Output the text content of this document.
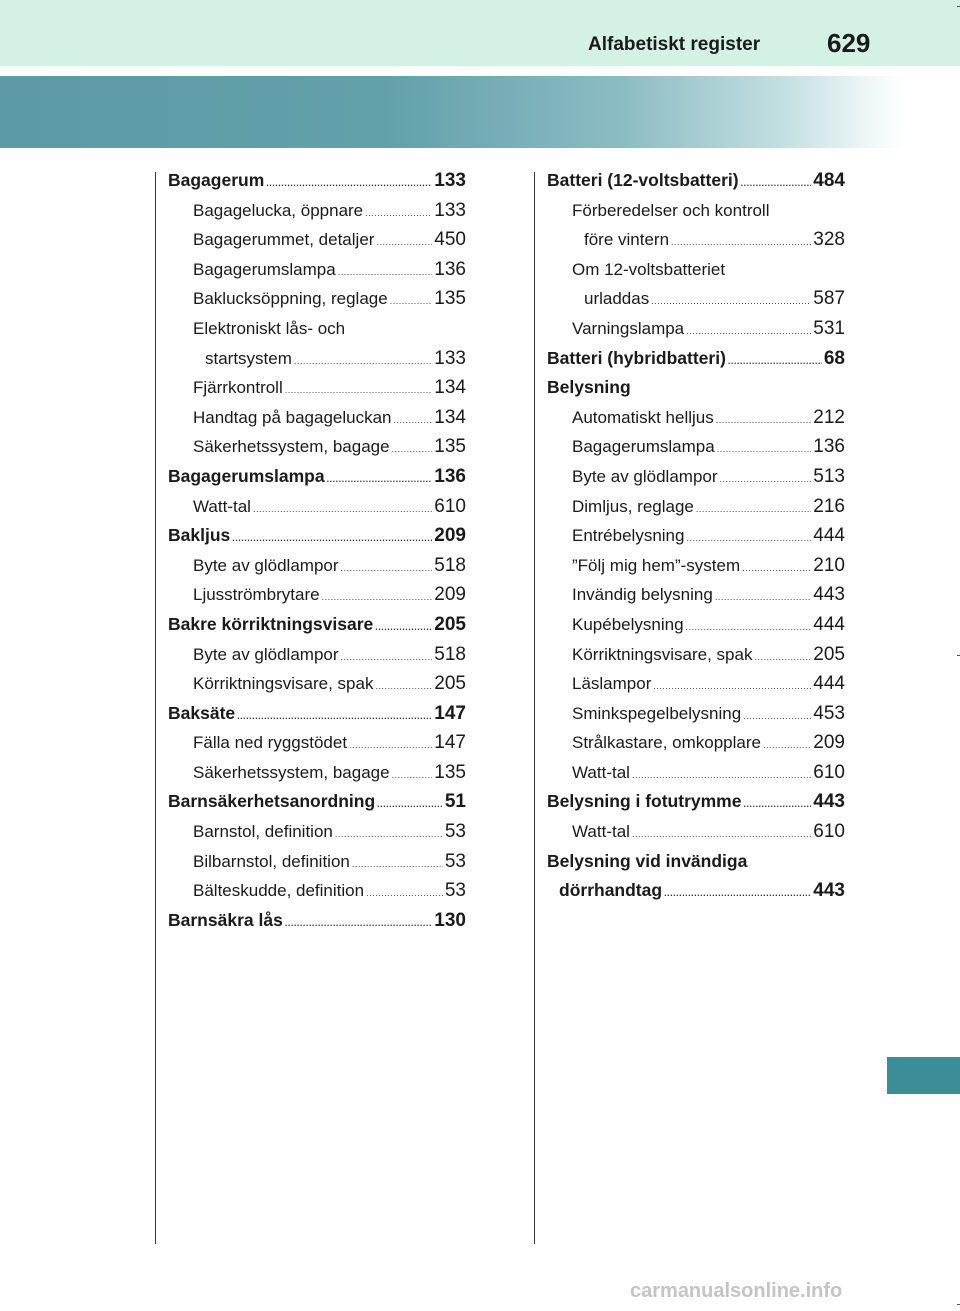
Alfabetiskt register	629
Bagagerum .....	133
Bagagelucka, öppnare .....	133
Bagagerummet, detaljer .....	450
Bagagerumslampa .....	136
Baklucksöppning, reglage ..... 135
Elektroniskt lås- och
startsystem .....	133
Fjärrkontroll .....	134
Handtag på bagageluckan ..... 134
Säkerhetssystem, bagage ..... 135
Bagagerumslampa .....	136
Watt-tal .....	610
Bakljus .....	209
Byte av glödlampor .....	518
Ljusströmbrytare .....	209
Bakre körriktningsvisare .....	205
Byte av glödlampor .....	518
Körriktningsvisare, spak .....	205
Baksäte .....	147
Fälla ned ryggstödet .....	147
Säkerhetssystem, bagage ..... 135
Barnsäkerhetsanordning .....	51
Barnstol, definition .....	53
Bilbarnstol, definition .....	53
Bälteskudde, definition .....	53
Barnsäkra lås .....	130
Batteri (12-voltsbatteri) .....	484
Förberedelser och kontroll
före vintern .....	328
Om 12-voltsbatteriet
urladdas .....	587
Varningslampa .....	531
Batteri (hybridbatteri) .....	68
Belysning
Automatiskt helljus .....	212
Bagagerumslampa .....	136
Byte av glödlampor .....	513
Dimljus, reglage .....	216
Entrébelysning .....	444
”Följ mig hem”-system .....	210
Invändig belysning .....	443
Kupébelysning .....	444
Körriktningsvisare, spak .....	205
Läslampor .....	444
Sminkspegelbelysning .....	453
Strålkastare, omkopplare .....	209
Watt-tal .....	610
Belysning i fotutrymme .....	443
Watt-tal .....	610
Belysning vid invändiga
dörrhandtag .....	443
carmanualsonline.info
